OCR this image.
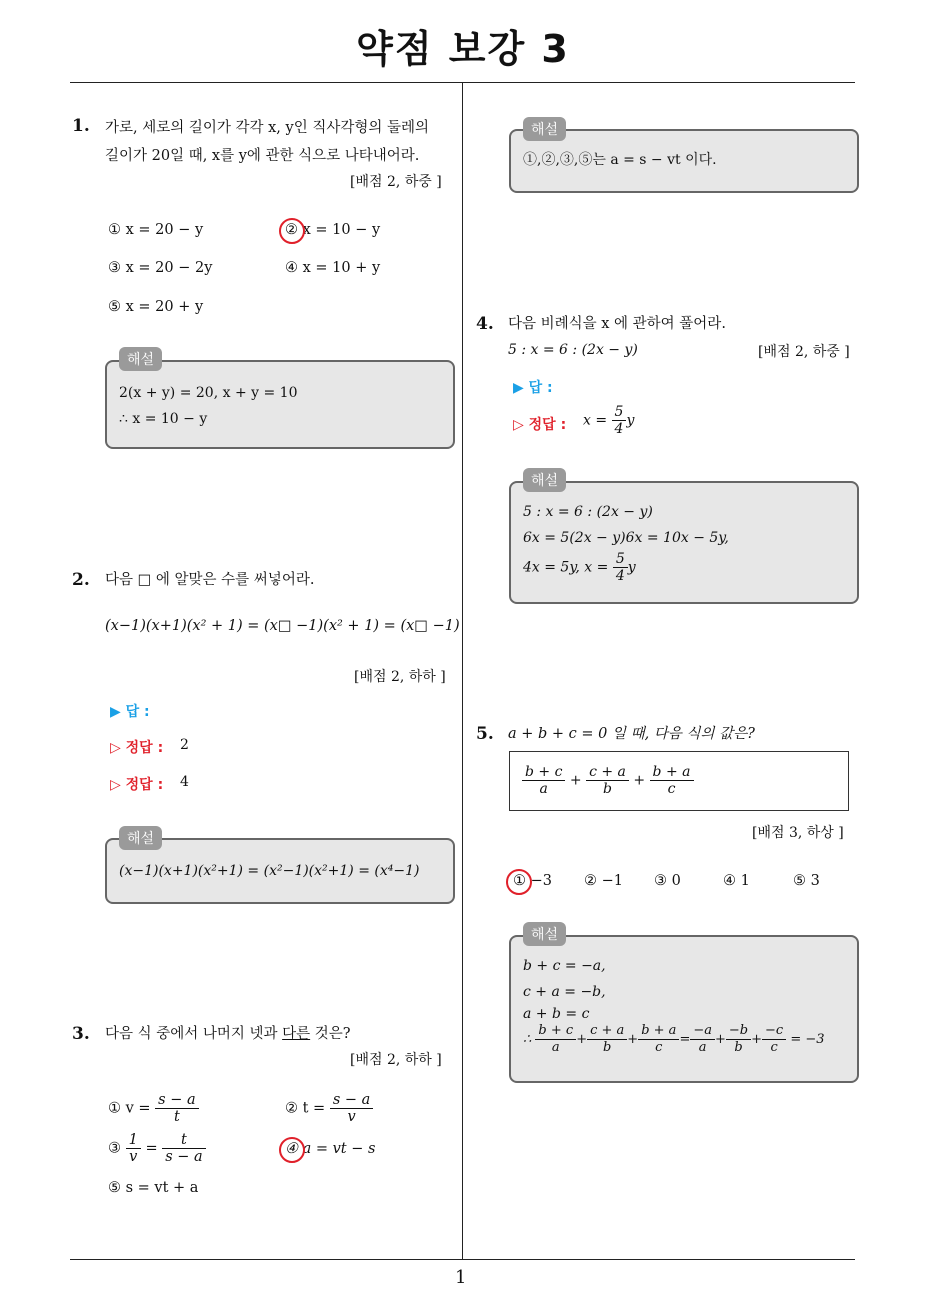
약점 보강 3
1
1. 가로, 세로의 길이가 각각 x, y인 직사각형의 둘레의
길이가 20일 때, x를 y에 관한 식으로 나타내어라.
[배점 2, 하중 ]
① x = 20 − y	② x = 10 − y
③ x = 20 − 2y	④ x = 10 + y
⑤ x = 20 + y
2(x + y) = 20, x + y = 10
∴ x = 10 − y
해설
2. 다음 □ 에 알맞은 수를 써넣어라.
(x−1)(x+1)(x² + 1) = (x□ −1)(x² + 1) = (x□ −1)
[배점 2, 하하 ]
▶ 답 :
▷ 정답 : 2
▷ 정답 : 4
(x−1)(x+1)(x²+1) = (x²−1)(x²+1) = (x⁴−1)
해설
3. 다음 식 중에서 나머지 넷과 다른 것은?
[배점 2, 하하 ]
① $v = \frac{s - a}{t}$	② $t = \frac{s - a}{v}$
③ $\frac{1}{v} = \frac{t}{s - a}$	④ a = vt − s
⑤ s = vt + a
①,②,③,⑤는 a = s − vt 이다.
해설
4. 다음 비례식을 x 에 관하여 풀어라.
5 : x = 6 : (2x − y)	[배점 2, 하중 ]
▶ 답 :
▷ 정답 : $x = \frac{5}{4}$ y
5 : x = 6 : (2x − y)
6x = 5(2x − y)6x = 10x − 5y,
4x = 5y, $x = \frac{5}{4}$ y
해설
5. a + b + c = 0 일 때, 다음 식의 값은?
$\frac{b + c}{a} + \frac{c + a}{b} + \frac{b + a}{c}$
[배점 3, 하상 ]
① −3 ② −1 ③ 0	④ 1	⑤ 3
b + c = −a,
c + a = −b,
a + b = c
∴ $\frac{b + c}{a} + \frac{c + a}{b} + \frac{b + a}{c} = \frac{-a}{a} + \frac{-b}{b} + \frac{-c}{c} = -3$
해설
